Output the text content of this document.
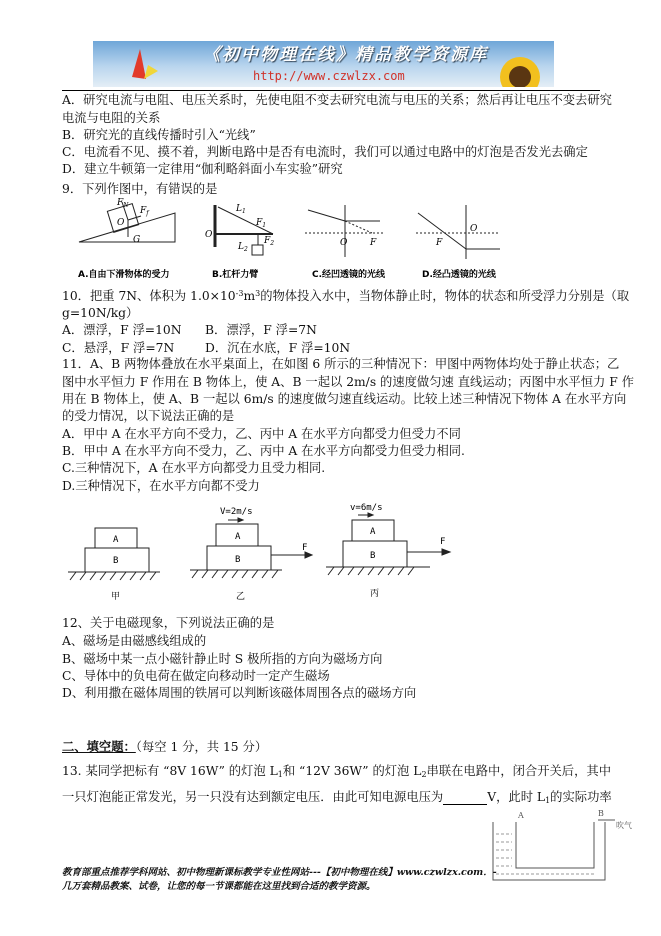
《初中物理在线》精品教学资源库
http://www.czwlzx.com
A．研究电流与电阻、电压关系时，先使电阻不变去研究电流与电压的关系；然后再让电压不变去研究
电流与电阻的关系
B．研究光的直线传播时引入“光线”
C．电流看不见、摸不着，判断电路中是否有电流时，我们可以通过电路中的灯泡是否发光去确定
D．建立牛顿第一定律用“伽利略斜面小车实验”研究
9．下列作图中，有错误的是
$F_N$
$F_f$
O
G
$L_1$
$F_1$
O
$L_2$
$F_2$	O	F
O
F
A.自由下滑物体的受力	B.杠杆力臂	C.经凹透镜的光线	D.经凸透镜的光线
10．把重 7N、体积为 $1.0\times 10^{-3}m^3$的物体投入水中，当物体静止时，物体的状态和所受浮力分别是（取
g=10N/kg）
A．漂浮，F 浮=10N B．漂浮，F 浮=7N
C．悬浮，F 浮=7N	D．沉在水底，F 浮=10N
11．A、B 两物体叠放在水平桌面上，在如图 6 所示的三种情况下：甲图中两物体均处于静止状态；乙
图中水平恒力 F 作用在 B 物体上，使 A、B 一起以 2m/s 的速度做匀速 直线运动；丙图中水平恒力 F 作
用在 B 物体上，使 A、B 一起以 6m/s 的速度做匀速直线运动。比较上述三种情况下物体 A 在水平方向
的受力情况，以下说法正确的是
A．甲中 A 在水平方向不受力，乙、丙中 A 在水平方向都受力但受力不同
B．甲中 A 在水平方向不受力，乙、丙中 A 在水平方向都受力但受力相同.
C.三种情况下，A 在水平方向都受力且受力相同.
D.三种情况下，在水平方向都不受力
A
B
甲
V=2m/s
A
B
F
乙
v=6m/s
A
B
F
丙
12、关于电磁现象，下列说法正确的是
A、磁场是由磁感线组成的
B、磁场中某一点小磁针静止时 S 极所指的方向为磁场方向
C、导体中的负电荷在做定向移动时一定产生磁场
D、利用撒在磁体周围的铁屑可以判断该磁体周围各点的磁场方向
二、填空题：（每空 1 分，共 15 分）
13. 某同学把标有 “8V 16W” 的灯泡 $L_1$和 “12V 36W” 的灯泡 $L_2$串联在电路中，闭合开关后，其中
一只灯泡能正常发光，另一只没有达到额定电压．由此可知电源电压为	V，此时 $L_1$的实际功率
A	B
吹气
教育部重点推荐学科网站、初中物理新课标教学专业性网站---【初中物理在线】www.czwlzx.com．-
几万套精品教案、试卷，让您的每一节课都能在这里找到合适的教学资源。
